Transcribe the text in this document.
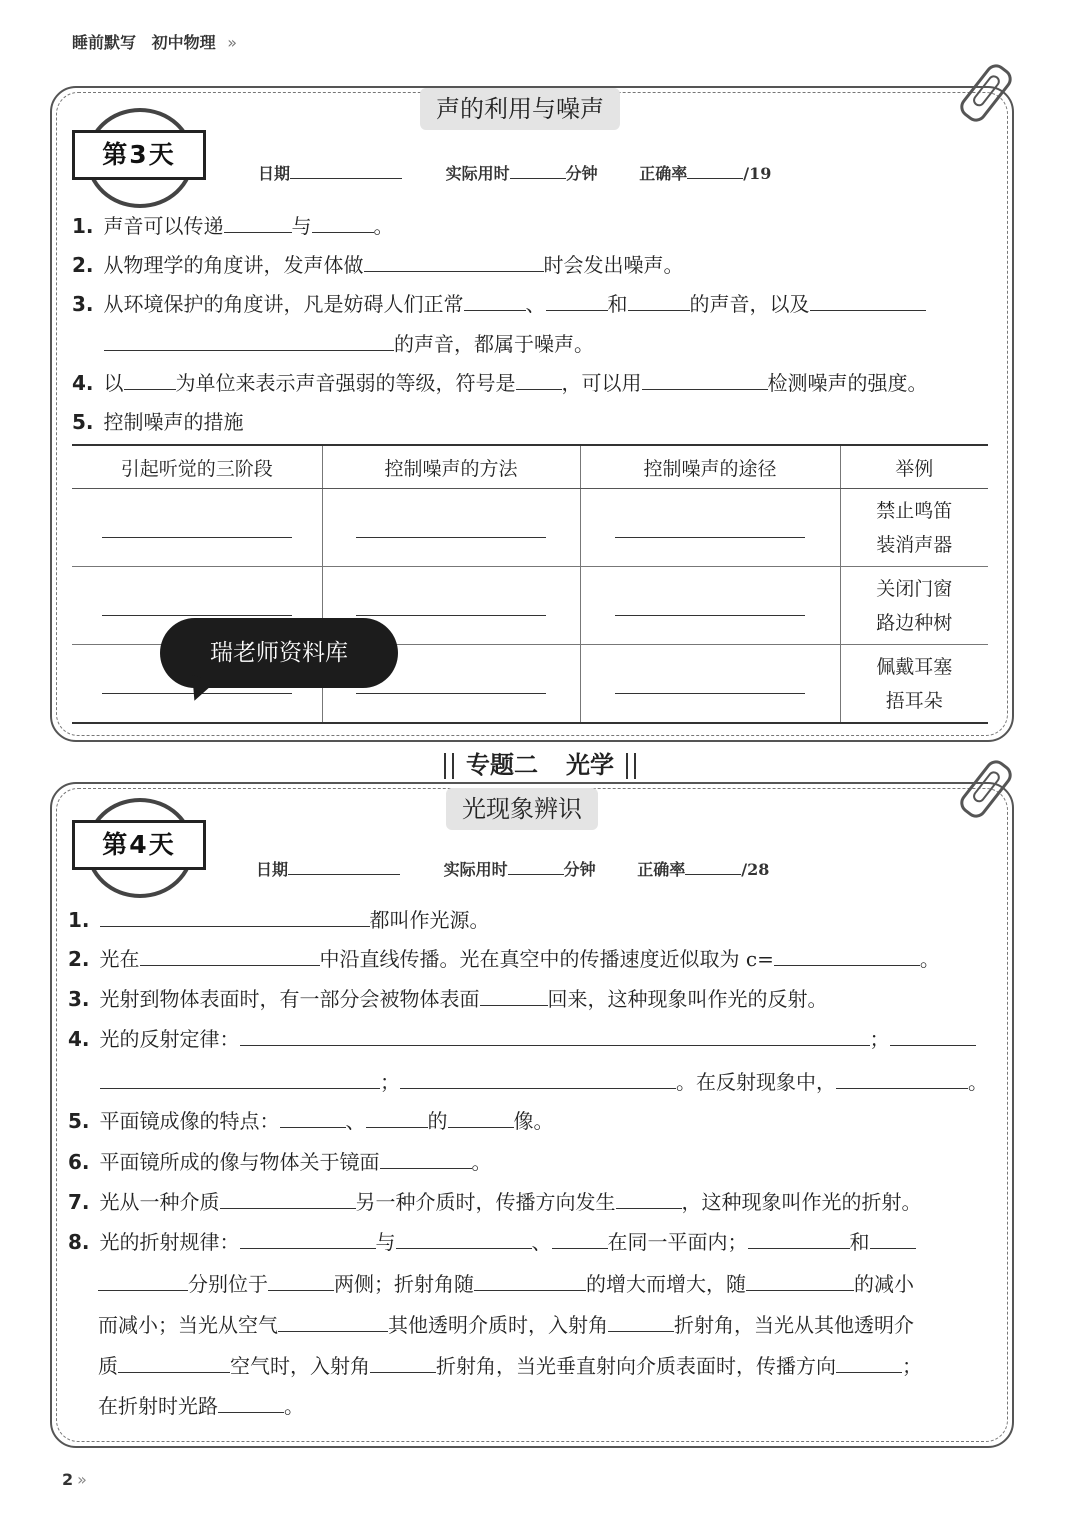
睡前默写 初中物理 »
声的利用与噪声
第3天
日期	实际用时	分钟	正确率	/19
1. 声音可以传递	与	。
2. 从物理学的角度讲，发声体做	时会发出噪声。
3. 从环境保护的角度讲，凡是妨碍人们正常	、	和	的声音，以及
的声音，都属于噪声。
4. 以	为单位来表示声音强弱的等级，符号是 ，可以用	检测噪声的强度。
5. 控制噪声的措施
引起听觉的三阶段	控制噪声的方法	控制噪声的途径	举例

			禁止鸣笛
装消声器

			关闭门窗
路边种树

			佩戴耳塞
捂耳朵
瑞老师资料库
专题二 光学
光现象辨识
第4天
日期	实际用时	分钟	正确率	/28
1.	都叫作光源。
2. 光在	中沿直线传播。光在真空中的传播速度近似取为 c=	。
3. 光射到物体表面时，有一部分会被物体表面	回来，这种现象叫作光的反射。
4. 光的反射定律：	；
；	。在反射现象中，	。
5. 平面镜成像的特点：	、	的	像。
6. 平面镜所成的像与物体关于镜面	。
7. 光从一种介质	另一种介质时，传播方向发生	，这种现象叫作光的折射。
8. 光的折射规律：	与	、	在同一平面内；	和
分别位于	两侧；折射角随	的增大而增大，随	的减小
而减小；当光从空气	其他透明介质时，入射角	折射角，当光从其他透明介
质	空气时，入射角	折射角，当光垂直射向介质表面时，传播方向	；
在折射时光路	。
2 »
